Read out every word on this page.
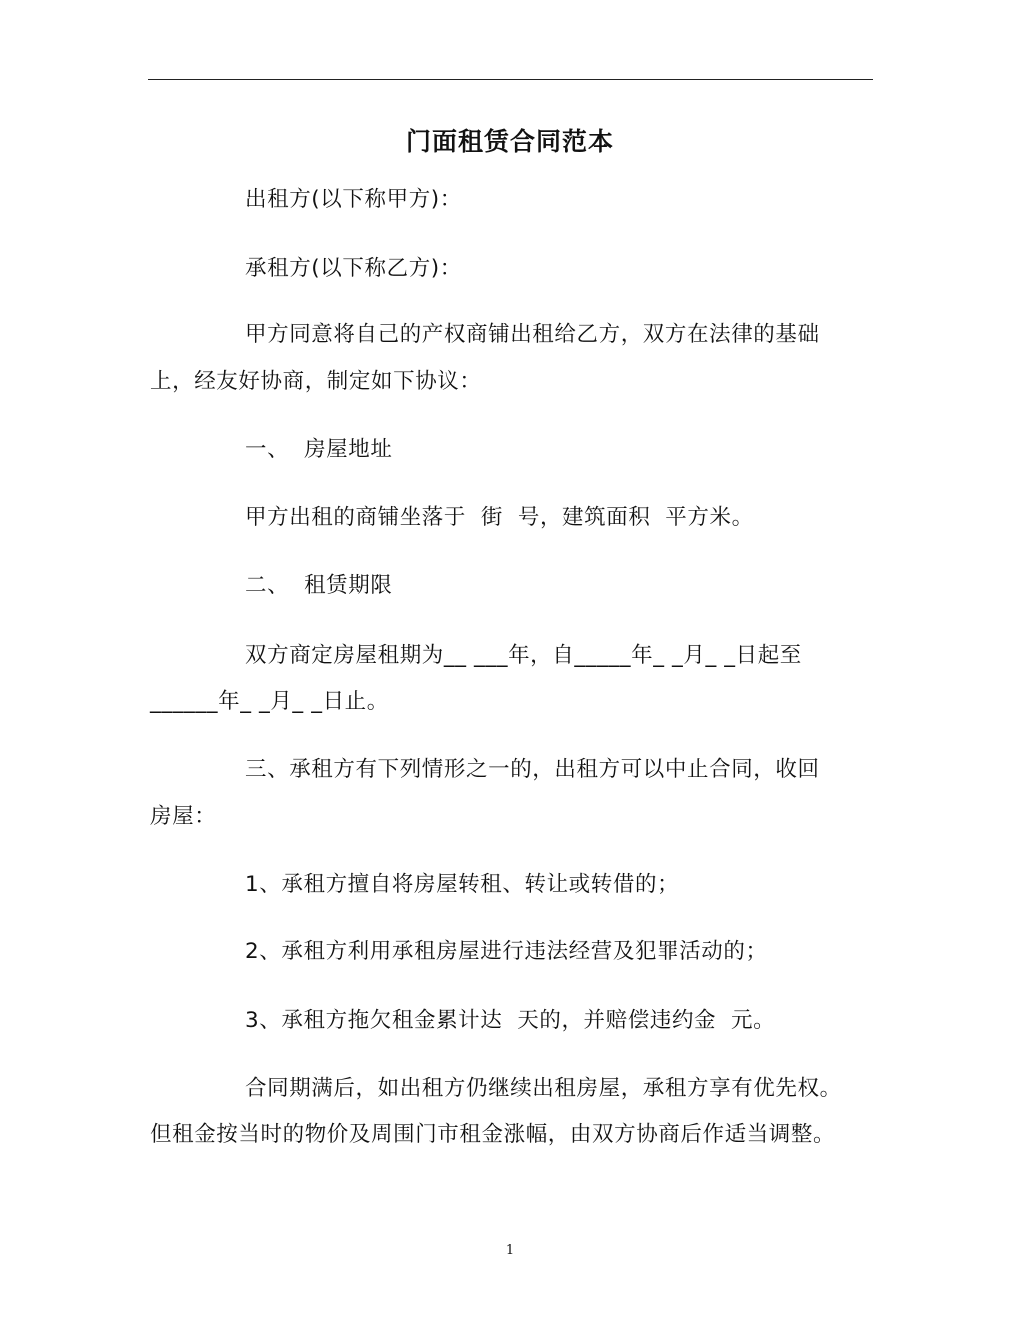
门面租赁合同范本
出租方(以下称甲方)：
承租方(以下称乙方)：
甲方同意将自己的产权商铺出租给乙方，双方在法律的基础
上，经友好协商，制定如下协议：
一、  房屋地址
甲方出租的商铺坐落于  街  号，建筑面积  平方米。
二、  租赁期限
双方商定房屋租期为__ ___年，自_____年_ _月_ _日起至
______年_ _月_ _日止。
三、承租方有下列情形之一的，出租方可以中止合同，收回
房屋：
1、承租方擅自将房屋转租、转让或转借的；
2、承租方利用承租房屋进行违法经营及犯罪活动的；
3、承租方拖欠租金累计达  天的，并赔偿违约金  元。
合同期满后，如出租方仍继续出租房屋，承租方享有优先权。
但租金按当时的物价及周围门市租金涨幅，由双方协商后作适当调整。
1
